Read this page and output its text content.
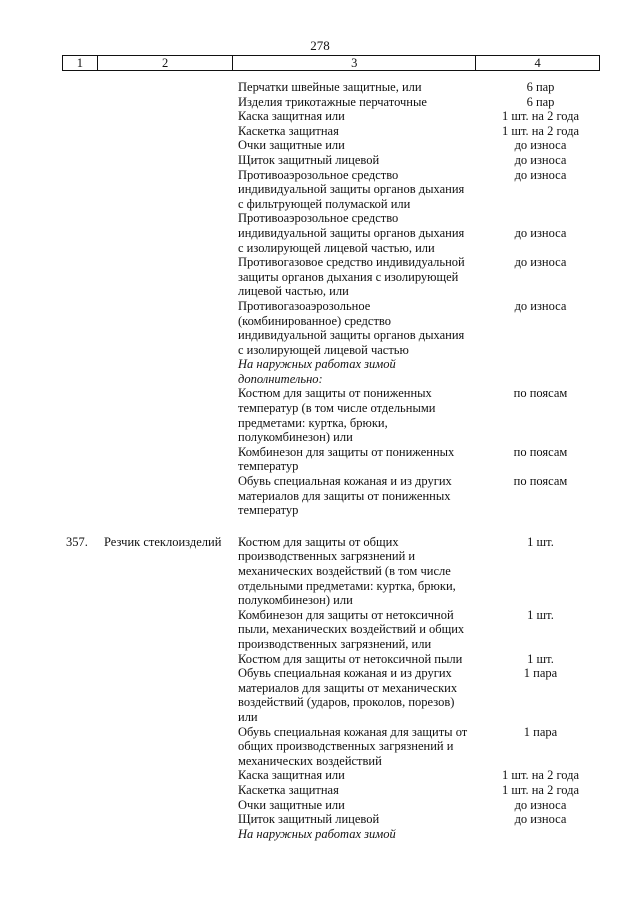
278
1	2	3	4
Перчатки швейные защитные, или	6 пар
Изделия трикотажные перчаточные	6 пар
Каска защитная или	1 шт. на 2 года
Каскетка защитная	1 шт. на 2 года
Очки защитные или	до износа
Щиток защитный лицевой	до износа
Противоаэрозольное средство	до износа
индивидуальной защиты органов дыхания
с фильтрующей полумаской или
Противоаэрозольное средство
индивидуальной защиты органов дыхания	до износа
с изолирующей лицевой частью, или
Противогазовое средство индивидуальной	до износа
защиты органов дыхания с изолирующей
лицевой частью, или
Противогазоаэрозольное	до износа
(комбинированное) средство
индивидуальной защиты органов дыхания
с изолирующей лицевой частью
На наружных работах зимой
дополнительно:
Костюм для защиты от пониженных	по поясам
температур (в том числе отдельными
предметами: куртка, брюки,
полукомбинезон) или
Комбинезон для защиты от пониженных	по поясам
температур
Обувь специальная кожаная и из других	по поясам
материалов для защиты от пониженных
температур
357.	Резчик стеклоизделий	Костюм для защиты от общих	1 шт.
производственных загрязнений и
механических воздействий (в том числе
отдельными предметами: куртка, брюки,
полукомбинезон) или
Комбинезон для защиты от нетоксичной	1 шт.
пыли, механических воздействий и общих
производственных загрязнений, или
Костюм для защиты от нетоксичной пыли	1 шт.
Обувь специальная кожаная и из других	1 пара
материалов для защиты от механических
воздействий (ударов, проколов, порезов)
или
Обувь специальная кожаная для защиты от	1 пара
общих производственных загрязнений и
механических воздействий
Каска защитная или	1 шт. на 2 года
Каскетка защитная	1 шт. на 2 года
Очки защитные или	до износа
Щиток защитный лицевой	до износа
На наружных работах зимой
